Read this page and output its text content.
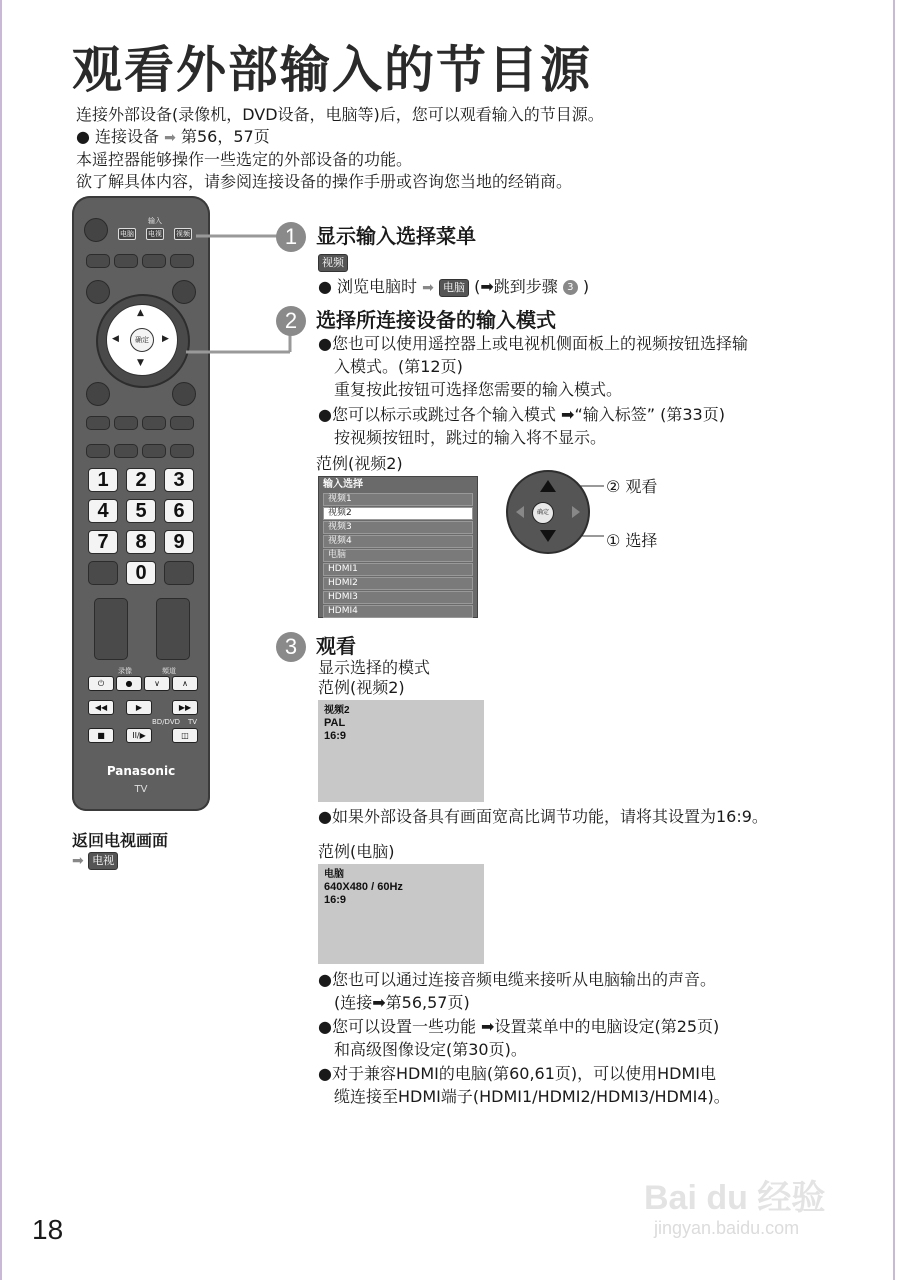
观看外部输入的节目源
连接外部设备(录像机，DVD设备，电脑等)后，您可以观看输入的节目源。
● 连接设备 ➡ 第56，57页
本遥控器能够操作一些选定的外部设备的功能。
欲了解具体内容，请参阅连接设备的操作手册或咨询您当地的经销商。
输入
电脑 电视 视频
▲
▼
◀	▶
确定
1	2	3
4	5	6
7	8	9
0
录像	頻道
⏻	●	∨	∧
◀◀	▶	▶▶
BD/DVD TV
■	II/▶	◫
Panasonic
TV
返回电视画面
➡ 电视
1 显示输入选择菜单
视频
● 浏览电脑时 ➡ 电脑 (➡跳到步骤 3 )
2 选择所连接设备的输入模式
●您也可以使用遥控器上或电视机侧面板上的视频按钮选择输
入模式。(第12页)
重复按此按钮可选择您需要的输入模式。
●您可以标示或跳过各个输入模式 ➡“输入标签” (第33页)
按视频按钮时，跳过的输入将不显示。
范例(视频2)
输入选择
视频1
视频2
视频3
视频4
电脑
HDMI1
HDMI2
HDMI3
HDMI4
确定
② 观看
① 选择
3 观看
显示选择的模式
范例(视频2)
视频2
PAL
16:9
●如果外部设备具有画面宽高比调节功能，请将其设置为16:9。
范例(电脑)
电脑
640X480 / 60Hz
16:9
●您也可以通过连接音频电缆来接听从电脑输出的声音。
(连接➡第56,57页)
●您可以设置一些功能 ➡设置菜单中的电脑设定(第25页)
和高级图像设定(第30页)。
●对于兼容HDMI的电脑(第60,61页)，可以使用HDMI电
缆连接至HDMI端子(HDMI1/HDMI2/HDMI3/HDMI4)。
18
Bai du 经验
jingyan.baidu.com
